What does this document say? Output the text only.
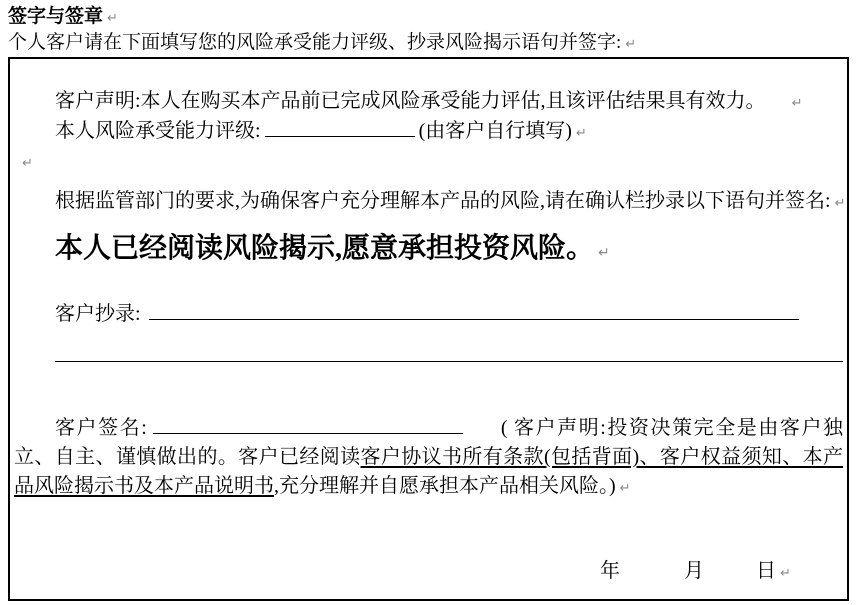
签字与签章 ↵
个人客户请在下面填写您的风险承受能力评级、抄录风险揭示语句并签字: ↵
客户声明:本人在购买本产品前已完成风险承受能力评估,且该评估结果具有效力。 ↵
本人风险承受能力评级:	(由客户自行填写) ↵
↵
根据监管部门的要求,为确保客户充分理解本产品的风险,请在确认栏抄录以下语句并签名: ↵
本人已经阅读风险揭示,愿意承担投资风险。 ↵
客户抄录:
客户签名:	( 客户声明:投资决策完全是由客户独立、自主、谨慎做出的。客户已经阅读客户协议书所有条款(包括背面)、客户权益须知、本产品风险揭示书及本产品说明书,充分理解并自愿承担本产品相关风险。) ↵
年	月	日 ↵
